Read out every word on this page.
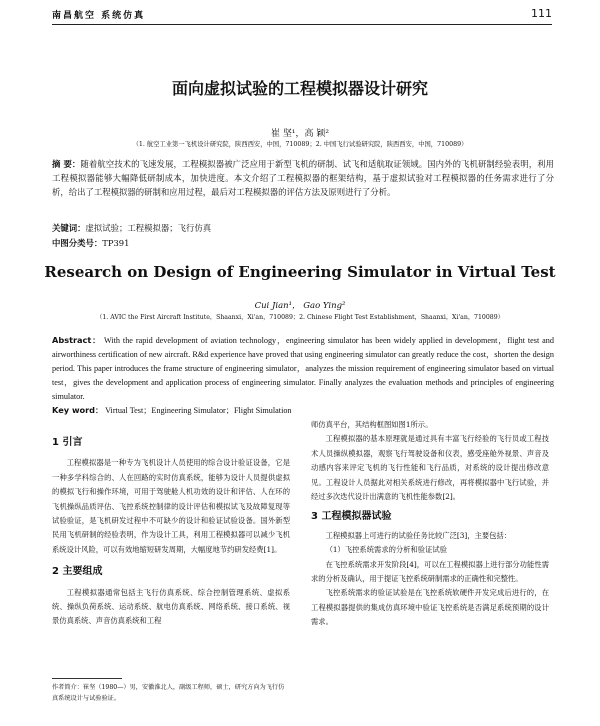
南昌航空 系统仿真	111
面向虚拟试验的工程模拟器设计研究
崔 坚¹，高 颖²
（1. 航空工业第一飞机设计研究院，陕西西安，中国，710089；2. 中国飞行试验研究院，陕西西安，中国，710089）
摘 要：随着航空技术的飞速发展，工程模拟器被广泛应用于新型飞机的研制、试飞和适航取证领域。国内外的飞机研制经验表明，利用工程模拟器能够大幅降低研制成本，加快进度。本文介绍了工程模拟器的框架结构，基于虚拟试验对工程模拟器的任务需求进行了分析，给出了工程模拟器的研制和应用过程，最后对工程模拟器的评估方法及原则进行了分析。
关键词：虚拟试验；工程模拟器；飞行仿真
中图分类号：TP391
Research on Design of Engineering Simulator in Virtual Test
Cui Jian¹， Gao Ying²
（1. AVIC the First Aircraft Institute，Shaanxi，Xi'an，710089；2. Chinese Flight Test Establishment，Shaanxi，Xi'an，710089）
Abstract： With the rapid development of aviation technology，engineering simulator has been widely applied in development，flight test and airworthiness certification of new aircraft. R&d experience have proved that using engineering simulator can greatly reduce the cost，shorten the design period. This paper introduces the frame structure of engineering simulator，analyzes the mission requirement of engineering simulator based on virtual test，gives the development and application process of engineering simulator. Finally analyzes the evaluation methods and principles of engineering simulator.
Key word： Virtual Test；Engineering Simulator；Flight Simulation
1 引言

工程模拟器是一种专为飞机设计人员使用的综合设计验证设备，它是一种多学科综合的、人在回路的实时仿真系统，能够为设计人员提供虚拟的模拟飞行和操作环境，可用于驾驶舱人机功效的设计和评估、人在环的飞机操纵品质评估、飞控系统控制律的设计评估和模拟试飞及故障复现等试验验证，是飞机研发过程中不可缺少的设计和验证试验设备。国外新型民用飞机研制的经验表明，作为设计工具，利用工程模拟器可以减少飞机系统设计风险，可以有效地缩短研发周期，大幅度地节约研发经费[1]。

2 主要组成

工程模拟器通常包括主飞行仿真系统、综合控制管理系统、虚拟系统、操纵负荷系统、运动系统、航电仿真系统、网络系统、接口系统、视景仿真系统、声音仿真系统和工程

师仿真平台，其结构框图如图1所示。

工程模拟器的基本原理就是通过具有丰富飞行经验的飞行员或工程技术人员操纵模拟器，观察飞行驾驶设备和仪表，感受座舱外视景、声音及动感内容来评定飞机的飞行性能和飞行品质，对系统的设计提出修改意见。工程设计人员据此对相关系统进行修改，再将模拟器中飞行试验，并经过多次迭代设计出满意的飞机性能参数[2]。

3 工程模拟器试验

工程模拟器上可进行的试验任务比较广泛[3]，主要包括：

（1）飞控系统需求的分析和验证试验

在飞控系统需求开发阶段[4]，可以在工程模拟器上进行部分功能性需求的分析及确认，用于提证飞控系统研制需求的正确性和完整性。

飞控系统需求的验证试验是在飞控系统软硬件开发完成后进行的，在工程模拟器提供的集成仿真环境中验证飞控系统是否满足系统预期的设计需求。

作者简介：崔坚（1980—）男，安徽淮北人，副级工程师，硕士，研究方向为飞行仿真系统设计与试验验证。
